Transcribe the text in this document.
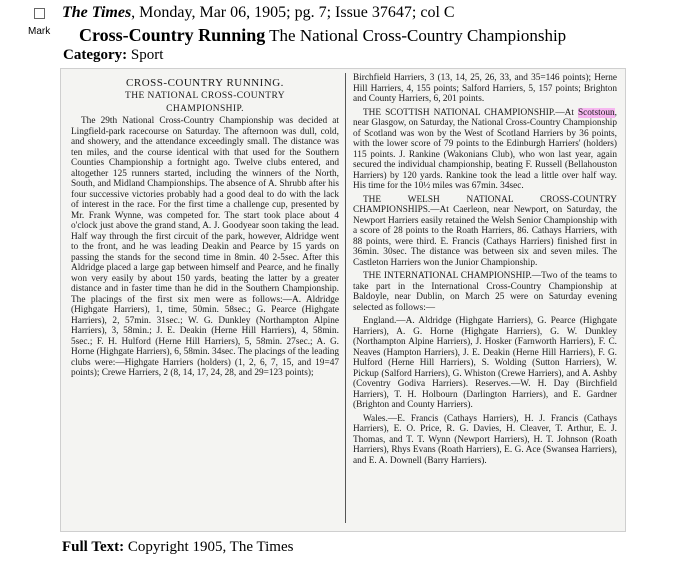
Mark
The Times, Monday, Mar 06, 1905; pg. 7; Issue 37647; col C
Cross-Country Running The National Cross-Country Championship
Category: Sport
CROSS-COUNTRY RUNNING.
THE NATIONAL CROSS-COUNTRY
CHAMPIONSHIP.

The 29th National Cross-Country Championship was decided at Lingfield-park racecourse on Saturday. The afternoon was dull, cold, and showery, and the attendance exceedingly small. The distance was ten miles, and the course identical with that used for the Southern Counties Championship a fortnight ago. Twelve clubs entered, and altogether 125 runners started, including the winners of the North, South, and Midland Championships. The absence of A. Shrubb after his four successive victories probably had a good deal to do with the lack of interest in the race. For the first time a challenge cup, presented by Mr. Frank Wynne, was competed for. The start took place about 4 o'clock just above the grand stand, A. J. Goodyear soon taking the lead. Half way through the first circuit of the park, however, Aldridge went to the front, and he was leading Deakin and Pearce by 15 yards on passing the stands for the second time in 8min. 40 2-5sec. After this Aldridge placed a large gap between himself and Pearce, and he finally won very easily by about 150 yards, beating the latter by a greater distance and in faster time than he did in the Southern Championship. The placings of the first six men were as follows:—A. Aldridge (Highgate Harriers), 1, time, 50min. 58sec.; G. Pearce (Highgate Harriers), 2, 57min. 31sec.; W. G. Dunkley (Northampton Alpine Harriers), 3, 58min.; J. E. Deakin (Herne Hill Harriers), 4, 58min. 5sec.; F. H. Hulford (Herne Hill Harriers), 5, 58min. 27sec.; A. G. Horne (Highgate Harriers), 6, 58min. 34sec. The placings of the leading clubs were:—Highgate Harriers (holders) (1, 2, 6, 7, 15, and 19=47 points); Crewe Harriers, 2 (8, 14, 17, 24, 28, and 29=123 points);

Birchfield Harriers, 3 (13, 14, 25, 26, 33, and 35=146 points); Herne Hill Harriers, 4, 155 points; Salford Harriers, 5, 157 points; Brighton and County Harriers, 6, 201 points.

THE SCOTTISH NATIONAL CHAMPIONSHIP.—At Scotstoun, near Glasgow, on Saturday, the National Cross-Country Championship of Scotland was won by the West of Scotland Harriers by 36 points, with the lower score of 79 points to the Edinburgh Harriers' (holders) 115 points. J. Rankine (Wakonians Club), who won last year, again secured the individual championship, beating F. Russell (Bellahouston Harriers) by 120 yards. Rankine took the lead a little over half way. His time for the 10½ miles was 67min. 34sec.

THE WELSH NATIONAL CROSS-COUNTRY CHAMPIONSHIPS.—At Caerleon, near Newport, on Saturday, the Newport Harriers easily retained the Welsh Senior Championship with a score of 28 points to the Roath Harriers, 86. Cathays Harriers, with 88 points, were third. E. Francis (Cathays Harriers) finished first in 36min. 30sec. The distance was between six and seven miles. The Castleton Harriers won the Junior Championship.

THE INTERNATIONAL CHAMPIONSHIP.—Two of the teams to take part in the International Cross-Country Championship at Baldoyle, near Dublin, on March 25 were on Saturday evening selected as follows:—

England.—A. Aldridge (Highgate Harriers), G. Pearce (Highgate Harriers), A. G. Horne (Highgate Harriers), G. W. Dunkley (Northampton Alpine Harriers), J. Hosker (Farnworth Harriers), F. C. Neaves (Hampton Harriers), J. E. Deakin (Herne Hill Harriers), F. G. Hulford (Herne Hill Harriers), S. Wolding (Sutton Harriers), W. Pickup (Salford Harriers), G. Whiston (Crewe Harriers), and A. Ashby (Coventry Godiva Harriers). Reserves.—W. H. Day (Birchfield Harriers), T. H. Holbourn (Darlington Harriers), and E. Gardner (Brighton and County Harriers).

Wales.—E. Francis (Cathays Harriers), H. J. Francis (Cathays Harriers), E. O. Price, R. G. Davies, H. Cleaver, T. Arthur, E. J. Thomas, and T. T. Wynn (Newport Harriers), H. T. Johnson (Roath Harriers), Rhys Evans (Roath Harriers), E. G. Ace (Swansea Harriers), and E. A. Downell (Barry Harriers).

Full Text: Copyright 1905, The Times
